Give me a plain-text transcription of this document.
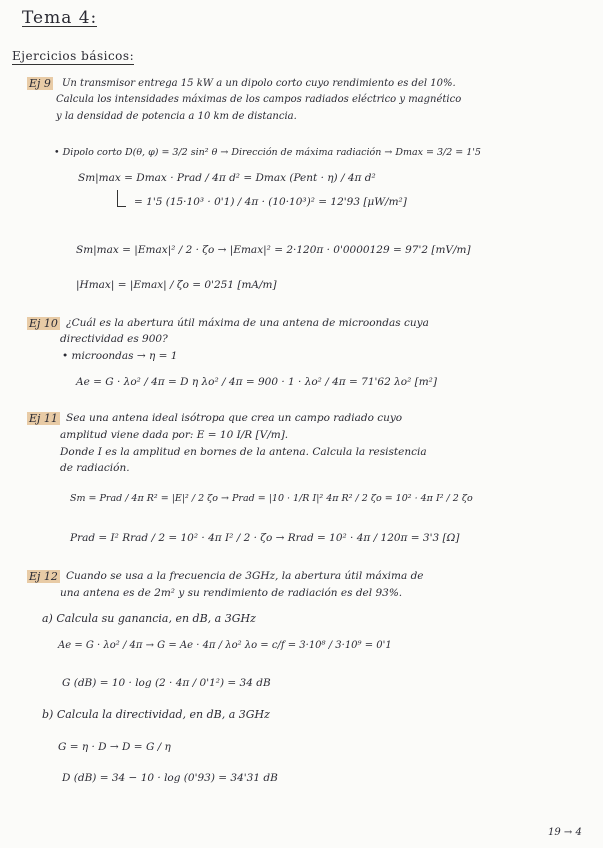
Tema 4:
Ejercicios básicos:
Ej 9 Un transmisor entrega 15 kW a un dipolo corto cuyo rendimiento es del 10%.
Calcula los intensidades máximas de los campos radiados eléctrico y magnético
y la densidad de potencia a 10 km de distancia.
• Dipolo corto D(θ, φ) = 3/2 sin² θ → Dirección de máxima radiación → Dmax = 3/2 = 1'5
Sm|max = Dmax · Prad / 4π d² = Dmax (Pent · η) / 4π d²
= 1'5 (15·10³ · 0'1) / 4π · (10·10³)² = 12'93 [μW/m²]
Sm|max = |Emax|² / 2 · ζo → |Emax|² = 2·120π · 0'0000129 = 97'2 [mV/m]
|Hmax| = |Emax| / ζo = 0'251 [mA/m]
Ej 10 ¿Cuál es la abertura útil máxima de una antena de microondas cuya
directividad es 900?
• microondas → η = 1
Ae = G · λo² / 4π = D η λo² / 4π = 900 · 1 · λo² / 4π = 71'62 λo² [m²]
Ej 11 Sea una antena ideal isótropa que crea un campo radiado cuyo
amplitud viene dada por: E = 10 I/R [V/m].
Donde I es la amplitud en bornes de la antena. Calcula la resistencia
de radiación.
Sm = Prad / 4π R² = |E|² / 2 ζo → Prad = |10 · 1/R I|² 4π R² / 2 ζo = 10² · 4π I² / 2 ζo
Prad = I² Rrad / 2 = 10² · 4π I² / 2 · ζo → Rrad = 10² · 4π / 120π = 3'3 [Ω]
Ej 12 Cuando se usa a la frecuencia de 3GHz, la abertura útil máxima de
una antena es de 2m² y su rendimiento de radiación es del 93%.
a) Calcula su ganancia, en dB, a 3GHz
Ae = G · λo² / 4π → G = Ae · 4π / λo² λo = c/f = 3·10⁸ / 3·10⁹ = 0'1
G (dB) = 10 · log (2 · 4π / 0'1²) = 34 dB
b) Calcula la directividad, en dB, a 3GHz
G = η · D → D = G / η
D (dB) = 34 − 10 · log (0'93) = 34'31 dB
19 → 4
